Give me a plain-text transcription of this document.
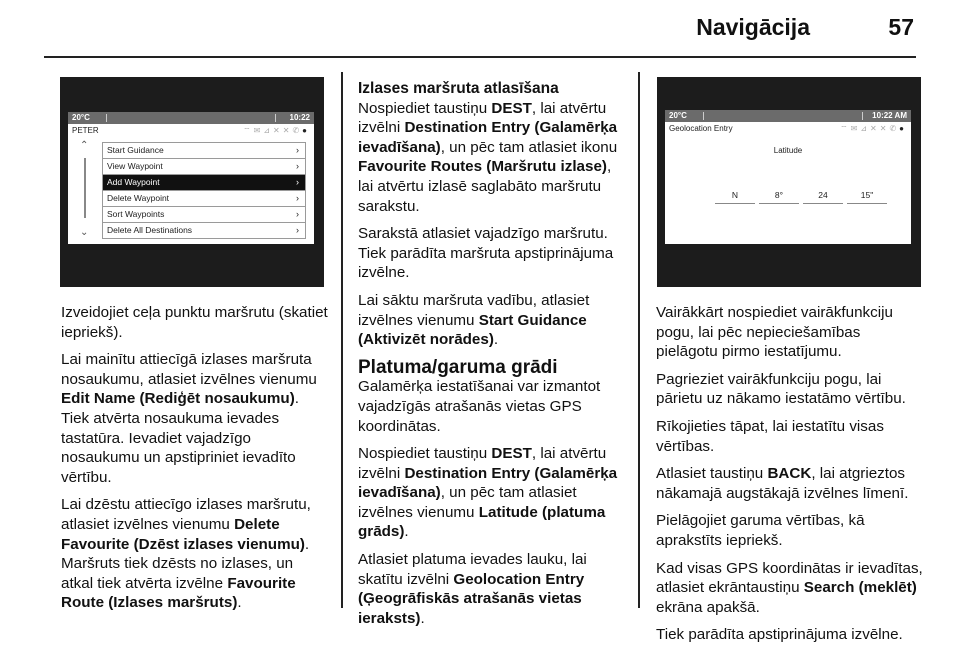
Navigācija	57
20°C	10:22
PETER	⌔✉⊿✕✕✆●
⌃
⌄
Start Guidance	›
View Waypoint	›
Add Waypoint	›
Delete Waypoint	›
Sort Waypoints	›
Delete All Destinations	›
20°C	10:22 AM
Geolocation Entry	⌔✉⊿✕✕✆●
Latitude
N	8°	24	15"

Izveidojiet ceļa punktu maršrutu (skatiet iepriekš).

Lai mainītu attiecīgā izlases maršruta nosaukumu, atlasiet izvēlnes vienumu Edit Name (Rediģēt nosaukumu). Tiek atvērta nosaukuma ievades tastatūra. Ievadiet vajadzīgo nosaukumu un apstipriniet ievadīto vērtību.

Lai dzēstu attiecīgo izlases maršrutu, atlasiet izvēlnes vienumu Delete Favourite (Dzēst izlases vienumu). Maršruts tiek dzēsts no izlases, un atkal tiek atvērta izvēlne Favourite Route (Izlases maršruts).

Izlases maršruta atlasīšana

Nospiediet taustiņu DEST, lai atvērtu izvēlni Destination Entry (Galamērķa ievadīšana), un pēc tam atlasiet ikonu Favourite Routes (Maršrutu izlase), lai atvērtu izlasē saglabāto maršrutu sarakstu.

Sarakstā atlasiet vajadzīgo maršrutu. Tiek parādīta maršruta apstiprinājuma izvēlne.

Lai sāktu maršruta vadību, atlasiet izvēlnes vienumu Start Guidance (Aktivizēt norādes).

Platuma/garuma grādi

Galamērķa iestatīšanai var izmantot vajadzīgās atrašanās vietas GPS koordinātas.

Nospiediet taustiņu DEST, lai atvērtu izvēlni Destination Entry (Galamērķa ievadīšana), un pēc tam atlasiet izvēlnes vienumu Latitude (platuma grāds).

Atlasiet platuma ievades lauku, lai skatītu izvēlni Geolocation Entry (Ģeogrāfiskās atrašanās vietas ieraksts).

Vairākkārt nospiediet vairākfunkciju pogu, lai pēc nepieciešamības pielāgotu pirmo iestatījumu.

Pagrieziet vairākfunkciju pogu, lai pārietu uz nākamo iestatāmo vērtību.

Rīkojieties tāpat, lai iestatītu visas vērtības.

Atlasiet taustiņu BACK, lai atgrieztos nākamajā augstākajā izvēlnes līmenī.

Pielāgojiet garuma vērtības, kā aprakstīts iepriekš.

Kad visas GPS koordinātas ir ievadītas, atlasiet ekrāntaustiņu Search (meklēt) ekrāna apakšā.

Tiek parādīta apstiprinājuma izvēlne.
